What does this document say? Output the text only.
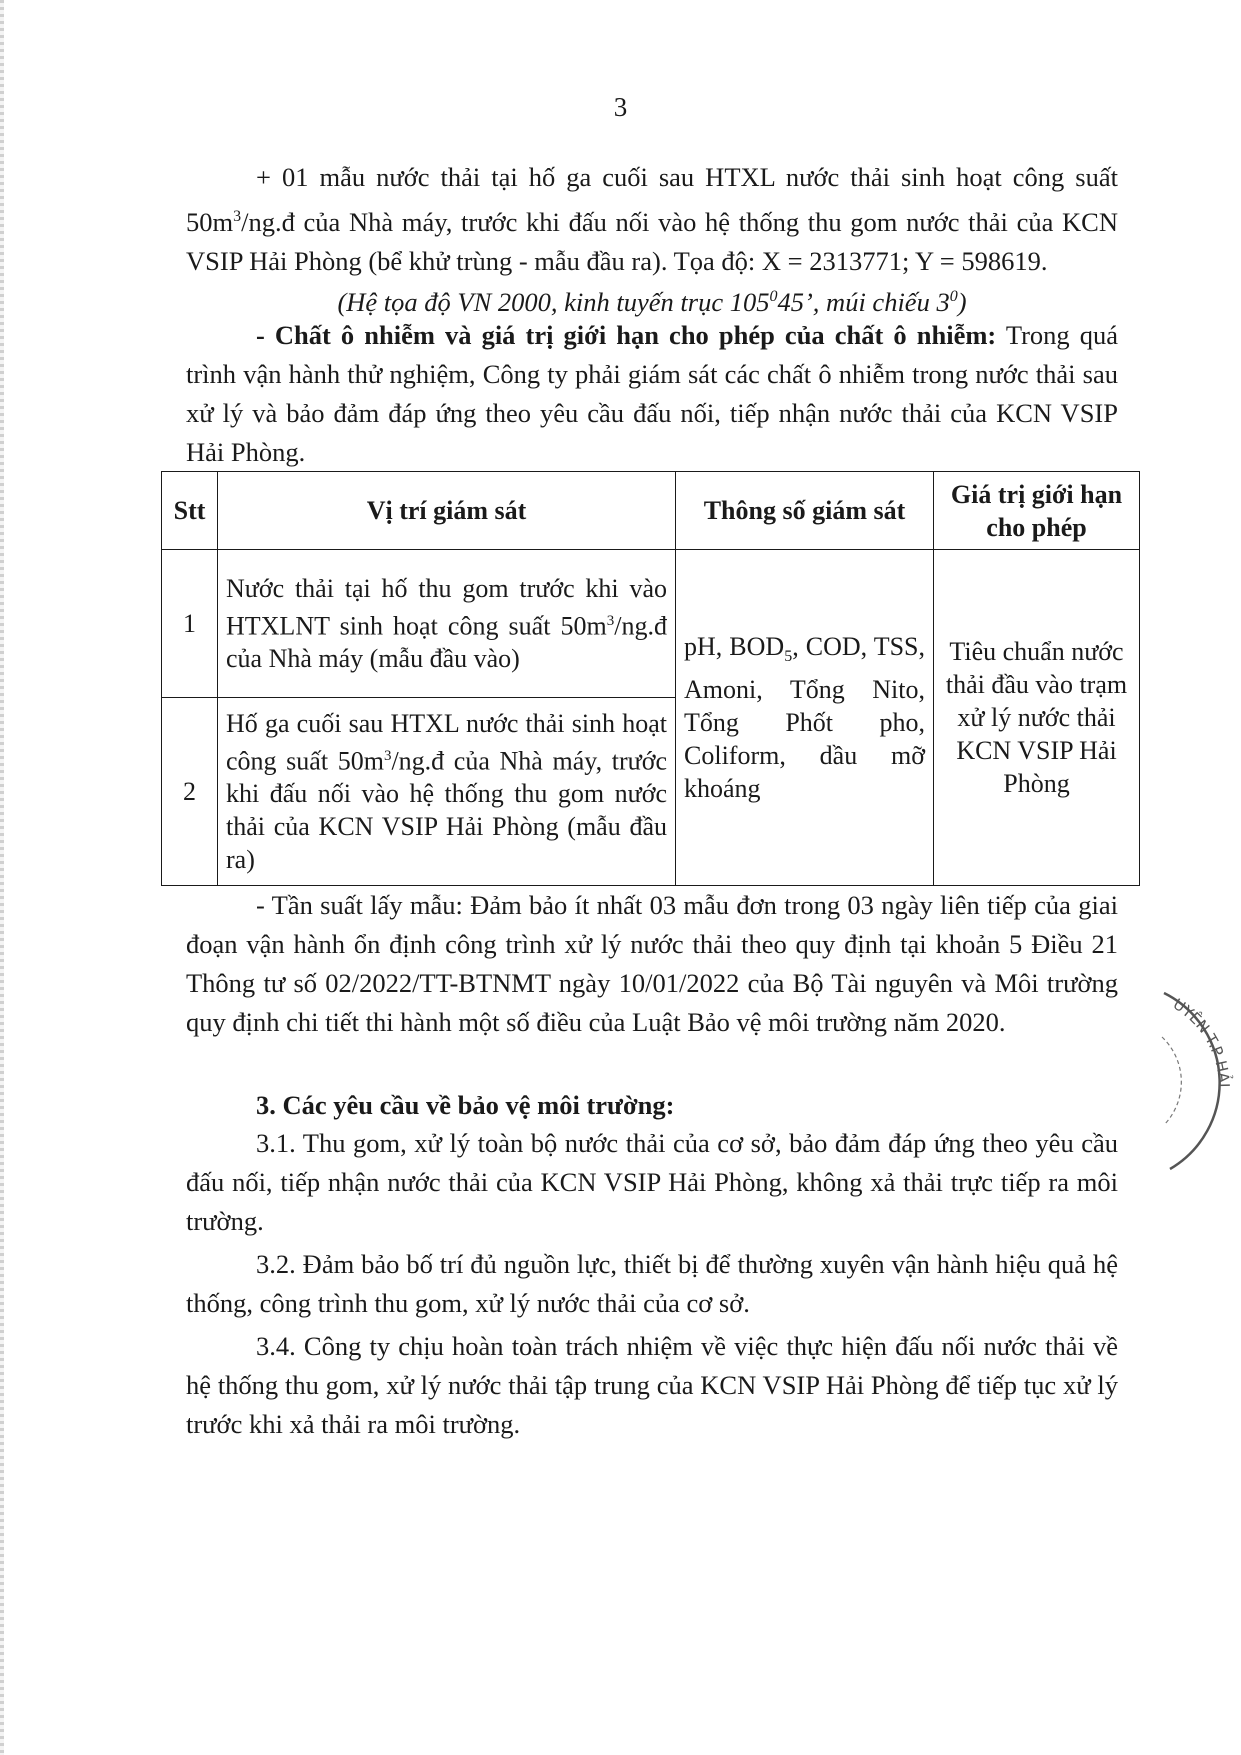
3

+ 01 mẫu nước thải tại hố ga cuối sau HTXL nước thải sinh hoạt công suất $50m^3/ng.đ$ của Nhà máy, trước khi đấu nối vào hệ thống thu gom nước thải của KCN VSIP Hải Phòng (bể khử trùng - mẫu đầu ra). Tọa độ: X = 2313771; Y = 598619.

(Hệ tọa độ VN 2000, kinh tuyến trục $105^045$’, múi chiếu $3^0$)

- Chất ô nhiễm và giá trị giới hạn cho phép của chất ô nhiễm: Trong quá trình vận hành thử nghiệm, Công ty phải giám sát các chất ô nhiễm trong nước thải sau xử lý và bảo đảm đáp ứng theo yêu cầu đấu nối, tiếp nhận nước thải của KCN VSIP Hải Phòng.

Stt	Vị trí giám sát	Thông số giám sát	Giá trị giới hạn cho phép
1	Nước thải tại hố thu gom trước khi vào HTXLNT sinh hoạt công suất $50m^3/ng.đ$ của Nhà máy (mẫu đầu vào)	pH, $BOD_5$, COD, TSS, Amoni, Tổng Nito, Tổng Phốt pho, Coliform, dầu mỡ khoáng	Tiêu chuẩn nước thải đầu vào trạm xử lý nước thải KCN VSIP Hải Phòng
2	Hố ga cuối sau HTXL nước thải sinh hoạt công suất $50m^3/ng.đ$ của Nhà máy, trước khi đấu nối vào hệ thống thu gom nước thải của KCN VSIP Hải Phòng (mẫu đầu ra)		

- Tần suất lấy mẫu: Đảm bảo ít nhất 03 mẫu đơn trong 03 ngày liên tiếp của giai đoạn vận hành ổn định công trình xử lý nước thải theo quy định tại khoản 5 Điều 21 Thông tư số 02/2022/TT-BTNMT ngày 10/01/2022 của Bộ Tài nguyên và Môi trường quy định chi tiết thi hành một số điều của Luật Bảo vệ môi trường năm 2020.

3. Các yêu cầu về bảo vệ môi trường:

3.1. Thu gom, xử lý toàn bộ nước thải của cơ sở, bảo đảm đáp ứng theo yêu cầu đấu nối, tiếp nhận nước thải của KCN VSIP Hải Phòng, không xả thải trực tiếp ra môi trường.

3.2. Đảm bảo bố trí đủ nguồn lực, thiết bị để thường xuyên vận hành hiệu quả hệ thống, công trình thu gom, xử lý nước thải của cơ sở.

3.4. Công ty chịu hoàn toàn trách nhiệm về việc thực hiện đấu nối nước thải về hệ thống thu gom, xử lý nước thải tập trung của KCN VSIP Hải Phòng để tiếp tục xử lý trước khi xả thải ra môi trường.

UYÊN T.P HẢI
